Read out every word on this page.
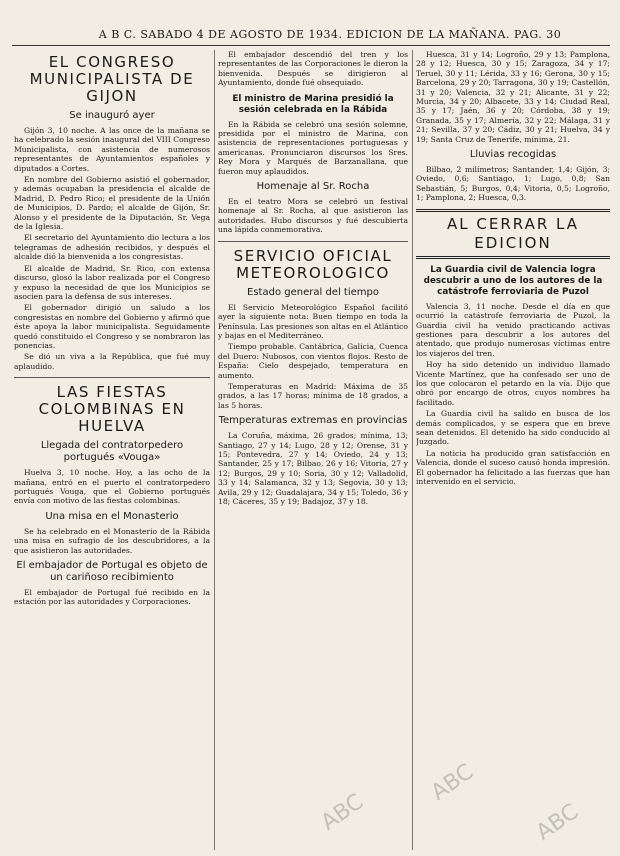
A B C. SABADO 4 DE AGOSTO DE 1934. EDICION DE LA MAÑANA. PAG. 30
EL CONGRESO MUNICIPALISTA DE GIJON
Se inauguró ayer

Gijón 3, 10 noche. A las once de la mañana se ha celebrado la sesión inaugural del VIII Congreso Municipalista, con asistencia de numerosos representantes de Ayuntamientos españoles y diputados a Cortes.

En nombre del Gobierno asistió el gobernador, y además ocupaban la presidencia el alcalde de Madrid, D. Pedro Rico; el presidente de la Unión de Municipios, D. Pardo; el alcalde de Gijón, Sr. Alonso y el presidente de la Diputación, Sr. Vega de la Iglesia.

El secretario del Ayuntamiento dio lectura a los telegramas de adhesión recibidos, y después el alcalde dió la bienvenida a los congresistas.

El alcalde de Madrid, Sr. Rico, con extensa discurso, glosó la labor realizada por el Congreso y expuso la necesidad de que los Municipios se asocien para la defensa de sus intereses.

El gobernador dirigió un saludo a los congresistas en nombre del Gobierno y afirmó que éste apoya la labor municipalista. Seguidamente quedó constituido el Congreso y se nombraron las ponencias.

Se dió un viva a la República, que fué muy aplaudido.

LAS FIESTAS COLOMBINAS EN HUELVA
Llegada del contratorpedero portugués «Vouga»

Huelva 3, 10 noche. Hoy, a las ocho de la mañana, entró en el puerto el contratorpedero portugués Vouga, que el Gobierno portugués envía con motivo de las fiestas colombinas.

Una misa en el Monasterio

Se ha celebrado en el Monasterio de la Rábida una misa en sufragio de los descubridores, a la que asistieron las autoridades.

El embajador de Portugal es objeto de un cariñoso recibimiento

El embajador de Portugal fué recibido en la estación por las autoridades y Corporaciones.

El embajador descendió del tren y los representantes de las Corporaciones le dieron la bienvenida. Después se dirigieron al Ayuntamiento, donde fué obsequiado.

El ministro de Marina presidió la sesión celebrada en la Rábida

En la Rábida se celebró una sesión solemne, presidida por el ministro de Marina, con asistencia de representaciones portuguesas y americanas. Pronunciaron discursos los Sres. Rey Mora y Marqués de Barzanallana, que fueron muy aplaudidos.

Homenaje al Sr. Rocha

En el teatro Mora se celebró un festival homenaje al Sr. Rocha, al que asistieron las autoridades. Hubo discursos y fué descubierta una lápida conmemorativa.

SERVICIO OFICIAL METEOROLOGICO
Estado general del tiempo

El Servicio Meteorológico Español facilitó ayer la siguiente nota: Buen tiempo en toda la Península. Las presiones son altas en el Atlántico y bajas en el Mediterráneo.

Tiempo probable. Cantábrica, Galicia, Cuenca del Duero: Nubosos, con vientos flojos. Resto de España: Cielo despejado, temperatura en aumento.

Temperaturas en Madrid: Máxima de 35 grados, a las 17 horas; mínima de 18 grados, a las 5 horas.

Temperaturas extremas en provincias

La Coruña, máxima, 26 grados; mínima, 13; Santiago, 27 y 14; Lugo, 28 y 12; Orense, 31 y 15; Pontevedra, 27 y 14; Oviedo, 24 y 13; Santander, 25 y 17; Bilbao, 26 y 16; Vitoria, 27 y 12; Burgos, 29 y 10; Soria, 30 y 12; Valladolid, 33 y 14; Salamanca, 32 y 13; Segovia, 30 y 13; Avila, 29 y 12; Guadalajara, 34 y 15; Toledo, 36 y 18; Cáceres, 35 y 19; Badajoz, 37 y 18.

Huesca, 31 y 14; Logroño, 29 y 13; Pamplona, 28 y 12; Huesca, 30 y 15; Zaragoza, 34 y 17; Teruel, 30 y 11; Lérida, 33 y 16; Gerona, 30 y 15; Barcelona, 29 y 20; Tarragona, 30 y 19; Castellón, 31 y 20; Valencia, 32 y 21; Alicante, 31 y 22; Murcia, 34 y 20; Albacete, 33 y 14; Ciudad Real, 35 y 17; Jaén, 36 y 20; Córdoba, 38 y 19; Granada, 35 y 17; Almería, 32 y 22; Málaga, 31 y 21; Sevilla, 37 y 20; Cádiz, 30 y 21; Huelva, 34 y 19; Santa Cruz de Tenerife, mínima, 21.

Lluvias recogidas

Bilbao, 2 milímetros; Santander, 1,4; Gijón, 3; Oviedo, 0,6; Santiago, 1; Lugo, 0,8; San Sebastián, 5; Burgos, 0,4; Vitoria, 0,5; Logroño, 1; Pamplona, 2; Huesca, 0,3.

AL CERRAR LA EDICION
La Guardia civil de Valencia logra descubrir a uno de los autores de la catástrofe ferroviaria de Puzol

Valencia 3, 11 noche. Desde el día en que ocurrió la catástrofe ferroviaria de Puzol, la Guardia civil ha venido practicando activas gestiones para descubrir a los autores del atentado, que produjo numerosas víctimas entre los viajeros del tren.

Hoy ha sido detenido un individuo llamado Vicente Martínez, que ha confesado ser uno de los que colocaron el petardo en la vía. Dijo que obró por encargo de otros, cuyos nombres ha facilitado.

La Guardia civil ha salido en busca de los demás complicados, y se espera que en breve sean detenidos. El detenido ha sido conducido al Juzgado.

La noticia ha producido gran satisfacción en Valencia, donde el suceso causó honda impresión. El gobernador ha felicitado a las fuerzas que han intervenido en el servicio.

ABC
ABC
ABC
